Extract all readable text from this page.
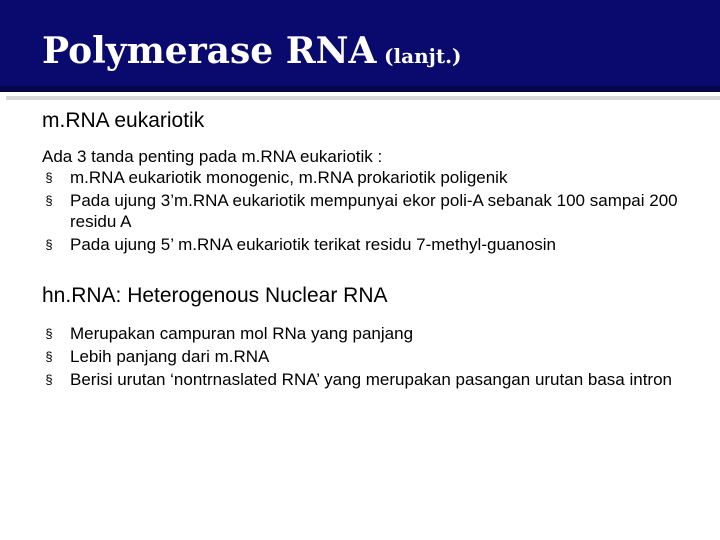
Polymerase RNA (lanjt.)

m.RNA eukariotik

Ada 3 tanda penting pada m.RNA eukariotik :

§ m.RNA eukariotik monogenic, m.RNA prokariotik poligenik
§ Pada ujung 3’m.RNA eukariotik mempunyai ekor poli-A sebanak 100 sampai 200 residu A
§ Pada ujung 5’ m.RNA eukariotik terikat residu 7-methyl-guanosin

hn.RNA: Heterogenous Nuclear RNA

§ Merupakan campuran mol RNa yang panjang
§ Lebih panjang dari m.RNA
§ Berisi urutan ‘nontrnaslated RNA’ yang merupakan pasangan urutan basa intron
